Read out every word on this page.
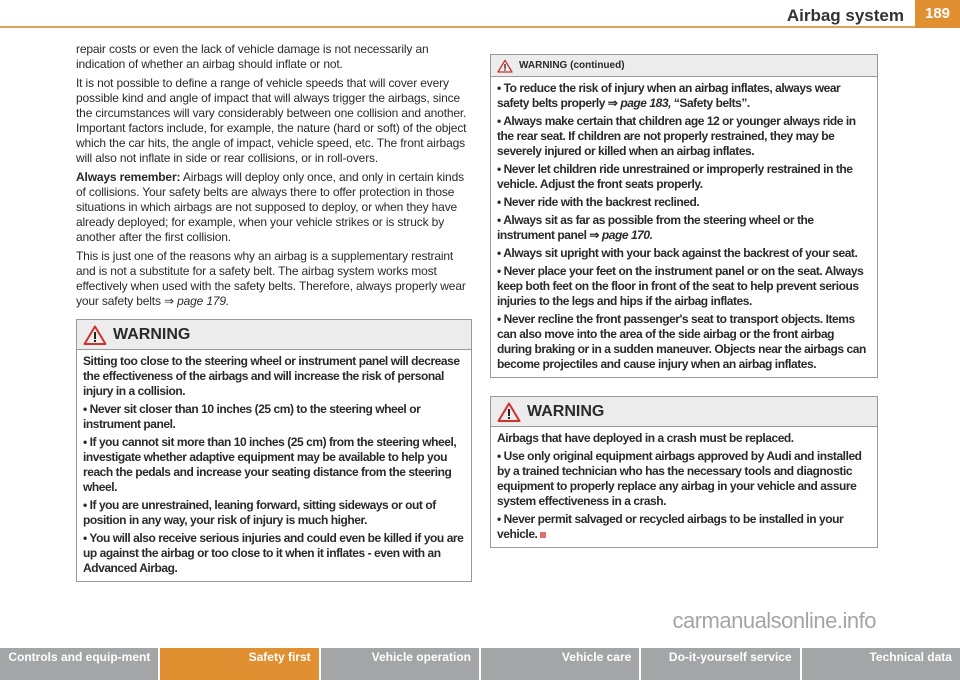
Airbag system	189

repair costs or even the lack of vehicle damage is not necessarily an indication of whether an airbag should inflate or not.

It is not possible to define a range of vehicle speeds that will cover every possible kind and angle of impact that will always trigger the airbags, since the circumstances will vary considerably between one collision and another. Important factors include, for example, the nature (hard or soft) of the object which the car hits, the angle of impact, vehicle speed, etc. The front airbags will also not inflate in side or rear collisions, or in roll-overs.

Always remember: Airbags will deploy only once, and only in certain kinds of collisions. Your safety belts are always there to offer protection in those situations in which airbags are not supposed to deploy, or when they have already deployed; for example, when your vehicle strikes or is struck by another after the first collision.

This is just one of the reasons why an airbag is a supplementary restraint and is not a substitute for a safety belt. The airbag system works most effectively when used with the safety belts. Therefore, always properly wear your safety belts ⇒ page 179.

WARNING

Sitting too close to the steering wheel or instrument panel will decrease the effectiveness of the airbags and will increase the risk of personal injury in a collision.

• Never sit closer than 10 inches (25 cm) to the steering wheel or instrument panel.

• If you cannot sit more than 10 inches (25 cm) from the steering wheel, investigate whether adaptive equipment may be available to help you reach the pedals and increase your seating distance from the steering wheel.

• If you are unrestrained, leaning forward, sitting sideways or out of position in any way, your risk of injury is much higher.

• You will also receive serious injuries and could even be killed if you are up against the airbag or too close to it when it inflates - even with an Advanced Airbag.

WARNING (continued)

• To reduce the risk of injury when an airbag inflates, always wear safety belts properly ⇒ page 183, “Safety belts”.

• Always make certain that children age 12 or younger always ride in the rear seat. If children are not properly restrained, they may be severely injured or killed when an airbag inflates.

• Never let children ride unrestrained or improperly restrained in the vehicle. Adjust the front seats properly.

• Never ride with the backrest reclined.

• Always sit as far as possible from the steering wheel or the instrument panel ⇒ page 170.

• Always sit upright with your back against the backrest of your seat.

• Never place your feet on the instrument panel or on the seat. Always keep both feet on the floor in front of the seat to help prevent serious injuries to the legs and hips if the airbag inflates.

• Never recline the front passenger's seat to transport objects. Items can also move into the area of the side airbag or the front airbag during braking or in a sudden maneuver. Objects near the airbags can become projectiles and cause injury when an airbag inflates.

WARNING

Airbags that have deployed in a crash must be replaced.

• Use only original equipment airbags approved by Audi and installed by a trained technician who has the necessary tools and diagnostic equipment to properly replace any airbag in your vehicle and assure system effectiveness in a crash.

• Never permit salvaged or recycled airbags to be installed in your vehicle.

carmanualsonline.info
Controls and equip-ment	Safety first	Vehicle operation	Vehicle care	Do-it-yourself service	Technical data
